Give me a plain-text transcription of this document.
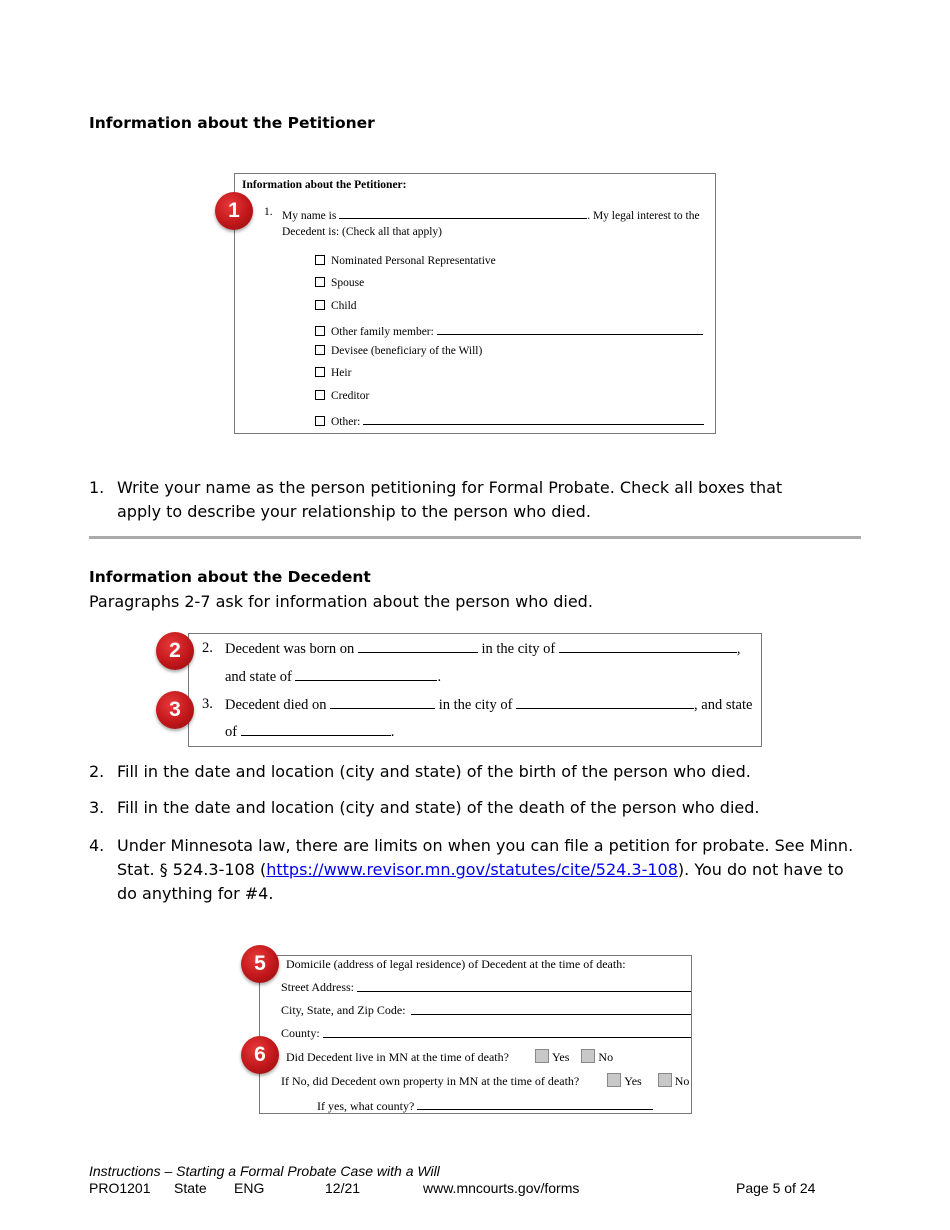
Information about the Petitioner
Information about the Petitioner:
1. My name is	. My legal interest to the
Decedent is: (Check all that apply)
Nominated Personal Representative
Spouse
Child
Other family member:
Devisee (beneficiary of the Will)
Heir
Creditor
Other:
1
1. Write your name as the person petitioning for Formal Probate. Check all boxes that apply to describe your relationship to the person who died.
Information about the Decedent
Paragraphs 2-7 ask for information about the person who died.
2. Decedent was born on	in the city of	,
and state of	.
3. Decedent died on	in the city of	, and state
of	.
2
3
2. Fill in the date and location (city and state) of the birth of the person who died.
3. Fill in the date and location (city and state) of the death of the person who died.
4. Under Minnesota law, there are limits on when you can file a petition for probate. See Minn. Stat. § 524.3-108 (https://www.revisor.mn.gov/statutes/cite/524.3-108). You do not have to do anything for #4.
Domicile (address of legal residence) of Decedent at the time of death:
Street Address:
City, State, and Zip Code:
County:
Did Decedent live in MN at the time of death?	Yes No
If No, did Decedent own property in MN at the time of death?	Yes	No
If yes, what county?
5
6
Instructions – Starting a Formal Probate Case with a Will
PRO1201 State ENG	12/21	www.mncourts.gov/forms	Page 5 of 24
